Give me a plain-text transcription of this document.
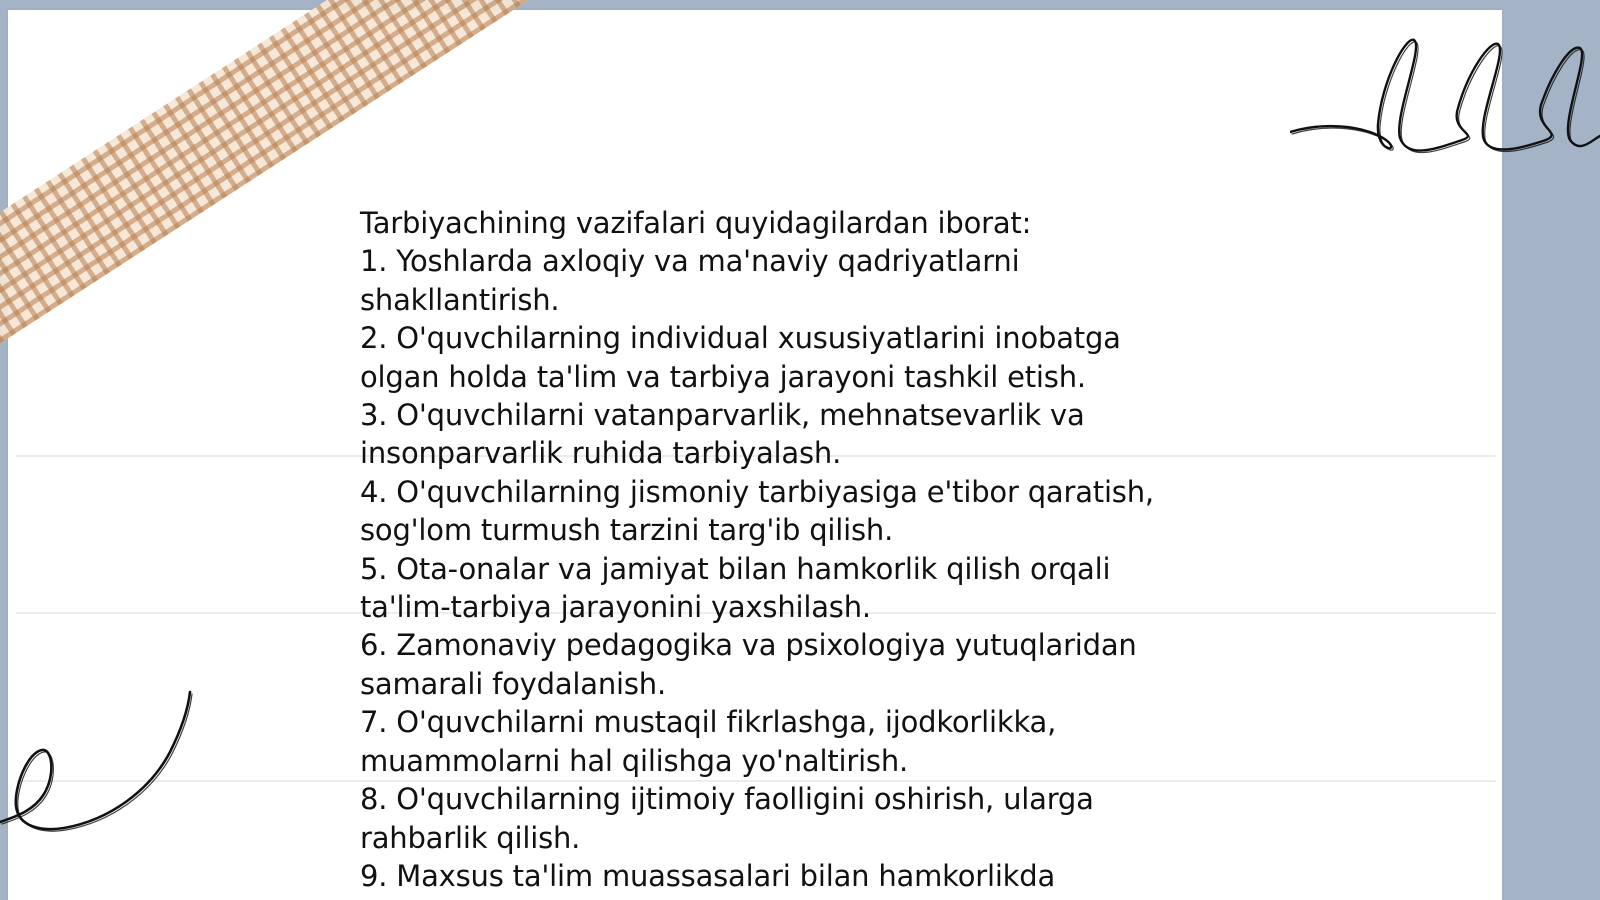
Tarbiyachining vazifalari quyidagilardan iborat:

1. Yoshlarda axloqiy va ma'naviy qadriyatlarni shakllantirish.

2. O'quvchilarning individual xususiyatlarini inobatga olgan holda ta'lim va tarbiya jarayoni tashkil etish.

3. O'quvchilarni vatanparvarlik, mehnatsevarlik va insonparvarlik ruhida tarbiyalash.

4. O'quvchilarning jismoniy tarbiyasiga e'tibor qaratish, sog'lom turmush tarzini targ'ib qilish.

5. Ota-onalar va jamiyat bilan hamkorlik qilish orqali ta'lim-tarbiya jarayonini yaxshilash.

6. Zamonaviy pedagogika va psixologiya yutuqlaridan samarali foydalanish.

7. O'quvchilarni mustaqil fikrlashga, ijodkorlikka, muammolarni hal qilishga yo'naltirish.

8. O'quvchilarning ijtimoiy faolligini oshirish, ularga rahbarlik qilish.

9. Maxsus ta'lim muassasalari bilan hamkorlikda
